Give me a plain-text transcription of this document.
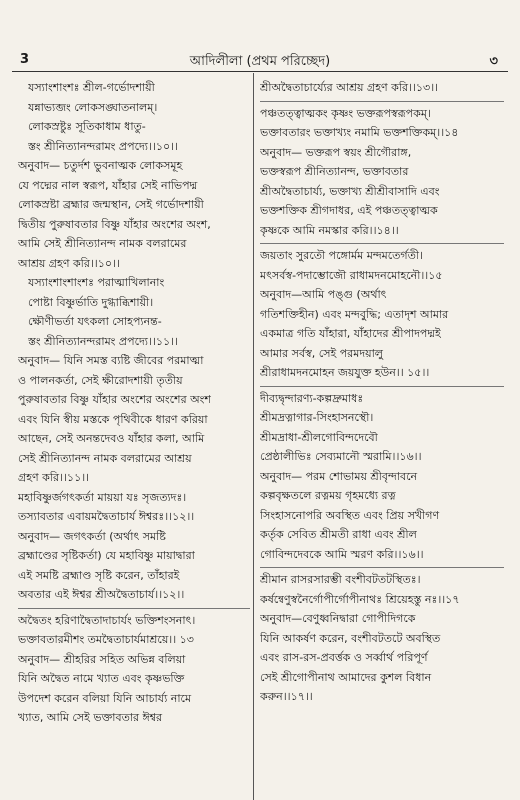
3	আদিলীলা (প্রথম পরিচ্ছেদ)	৩

যস্যাংশাংশঃ শ্রীল-গর্ভোদশায়ী

যন্নাভ্যব্জং লোকসঙ্ঘাতনালম্।

লোকস্রষ্টুঃ সূতিকাধাম ধাতু-

স্তং শ্রীনিত্যানন্দরামং প্রপদ্যে।।১০।।

অনুবাদ— চতুর্দশ ভুবনাত্মক লোকসমূহ

যে পদ্মের নাল স্বরূপ, যাঁহার সেই নাভিপদ্ম

লোকস্রষ্টা ব্রহ্মার জন্মস্থান, সেই গর্ভোদশায়ী

দ্বিতীয় পুরুষাবতার বিষ্ণু যাঁহার অংশের অংশ,

আমি সেই শ্রীনিত্যানন্দ নামক বলরামের

আশ্রয় গ্রহণ করি।।১০।।

যস্যাংশাংশাংশঃ পরাত্মাখিলানাং

পোষ্টা বিষ্ণুর্ভাতি দুগ্ধাব্ধিশায়ী।

ক্ষৌণীভর্তা যৎকলা সোহপ্যনন্ত-

স্তং শ্রীনিত্যানন্দরামং প্রপদ্যে।।১১।।

অনুবাদ— যিনি সমস্ত ব্যষ্টি জীবের পরমাত্মা

ও পালনকর্তা, সেই ক্ষীরোদশায়ী তৃতীয়

পুরুষাবতার বিষ্ণু যাঁহার অংশের অংশের অংশ

এবং যিনি স্বীয় মস্তকে পৃথিবীকে ধারণ করিয়া

আছেন, সেই অনন্তদেবও যাঁহার কলা, আমি

সেই শ্রীনিত্যানন্দ নামক বলরামের আশ্রয়

গ্রহণ করি।।১১।।

মহাবিষ্ণুর্জগৎকর্তা মায়য়া যঃ সৃজত্যদঃ।

তস্যাবতার এবায়মদ্বৈতাচার্য ঈশ্বরঃ।।১২।।

অনুবাদ— জগৎকর্তা (অর্থাৎ সমষ্টি

ব্রহ্মাণ্ডের সৃষ্টিকর্তা) যে মহাবিষ্ণু মায়াদ্বারা

এই সমষ্টি ব্রহ্মাণ্ড সৃষ্টি করেন, তাঁহারই

অবতার এই ঈশ্বর শ্রীঅদ্বৈতাচার্য।।১২।।

অদ্বৈতং হরিণাদ্বৈতাদাচার্যং ভক্তিশংসনাৎ।

ভক্তাবতারমীশং তমদ্বৈতাচার্যমাশ্রয়ে।। ১৩

অনুবাদ— শ্রীহরির সহিত অভিন্ন বলিয়া

যিনি অদ্বৈত নামে খ্যাত এবং কৃষ্ণভক্তি

উপদেশ করেন বলিয়া যিনি আচার্য্য নামে

খ্যাত, আমি সেই ভক্তাবতার ঈশ্বর

শ্রীঅদ্বৈতাচার্য্যের আশ্রয় গ্রহণ করি।।১৩।।

পঞ্চতত্ত্বাত্মকং কৃষ্ণং ভক্তরূপস্বরূপকম্।

ভক্তাবতারং ভক্তাখ্যং নমামি ভক্তশক্তিকম্।।১৪

অনুবাদ— ভক্তরূপ স্বয়ং শ্রীগৌরাঙ্গ,

ভক্তস্বরূপ শ্রীনিত্যানন্দ, ভক্তাবতার

শ্রীঅদ্বৈতাচার্য্য, ভক্তাখ্য শ্রীশ্রীবাসাদি এবং

ভক্তশক্তিক শ্রীগদাধর, এই পঞ্চতত্ত্বাত্মক

কৃষ্ণকে আমি নমস্কার করি।।১৪।।

জয়তাং সুরতৌ পঙ্গোর্মম মন্দমতের্গতী।

মৎসর্বস্ব-পদাম্ভোজৌ রাধামদনমোহনৌ।।১৫

অনুবাদ—আমি পঙ্গু (অর্থাৎ

গতিশক্তিহীন) এবং মন্দবুদ্ধি; এতাদৃশ আমার

একমাত্র গতি যাঁহারা, যাঁহাদের শ্রীপাদপদ্মই

আমার সর্বস্ব, সেই পরমদয়ালু

শ্রীরাধামদনমোহন জয়যুক্ত হউন।। ১৫।।

দীব্যদ্বৃন্দারণ্য-কল্পদ্রুমাধঃ

শ্রীমদ্রত্নাগার-সিংহাসনস্থৌ।

শ্রীমদ্রাধা-শ্রীলগোবিন্দদেবৌ

প্রেষ্ঠালীভিঃ সেব্যমানৌ স্মরামি।।১৬।।

অনুবাদ— পরম শোভাময় শ্রীবৃন্দাবনে

কল্পবৃক্ষতলে রত্নময় গৃহমধ্যে রত্ন

সিংহাসনোপরি অবস্থিত এবং প্রিয় সখীগণ

কর্তৃক সেবিত শ্রীমতী রাধা এবং শ্রীল

গোবিন্দদেবকে আমি স্মরণ করি।।১৬।।

শ্রীমান রাসরসারম্ভী বংশীবটতটস্থিতঃ।

কর্ষন্বেণুস্বনৈর্গোপীর্গোপীনাথঃ শ্রিয়েহস্তু নঃ।।১৭

অনুবাদ—বেণুধ্বনিদ্বারা গোপীদিগকে

যিনি আকর্ষণ করেন, বংশীবটতটে অবস্থিত

এবং রাস-রস-প্রবর্ত্তক ও সর্ব্বার্থ পরিপূর্ণ

সেই শ্রীগোপীনাথ আমাদের কুশল বিধান

করুন।।১৭।।
